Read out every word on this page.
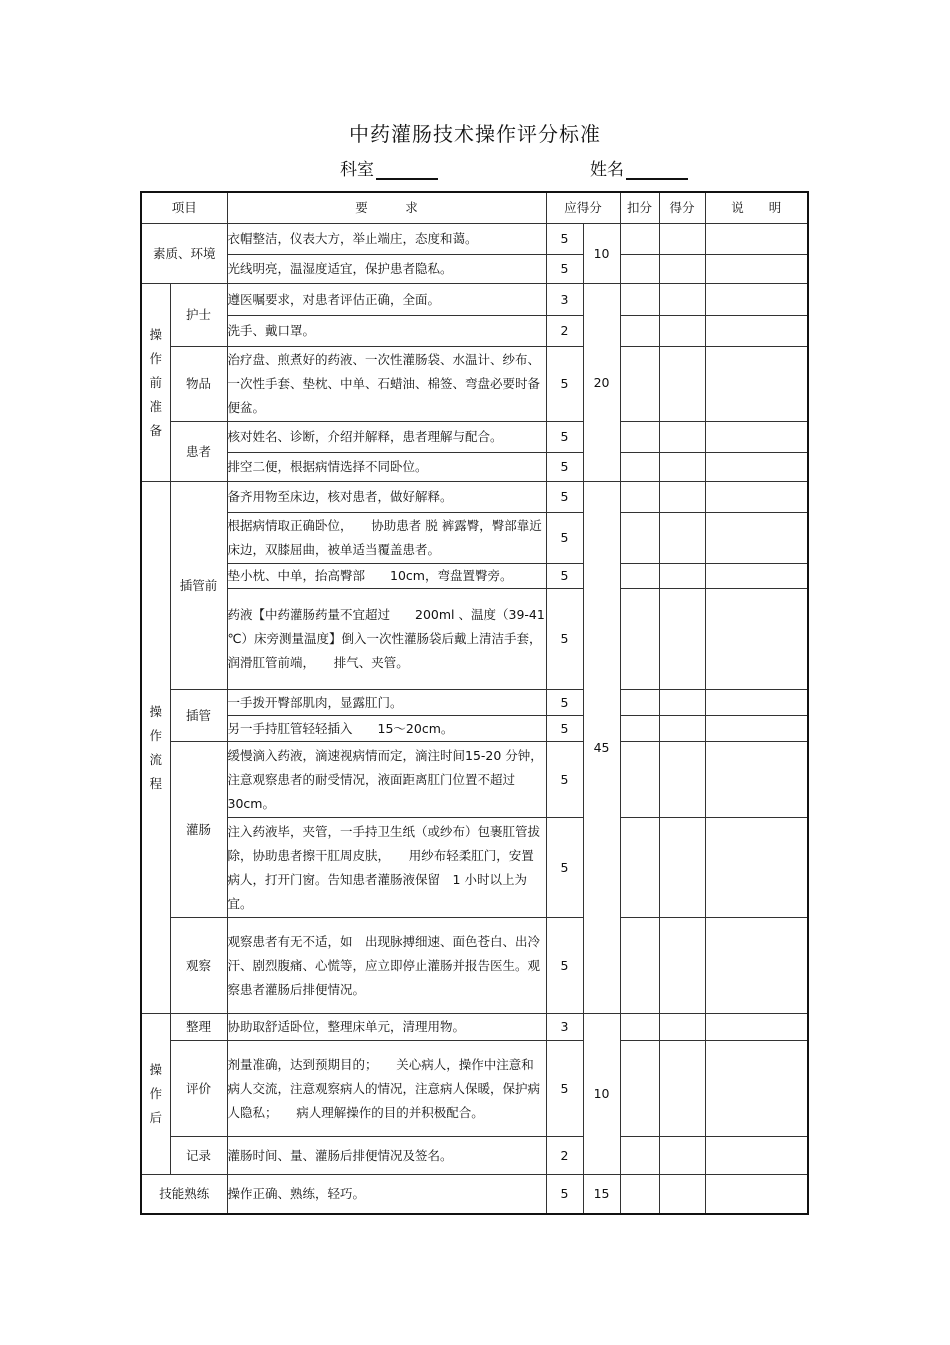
中药灌肠技术操作评分标准
科室	姓名
项目		要　　　求	应得分		扣分	得分	说　　明
素质、环境		衣帽整洁，仪表大方，举止端庄，态度和蔼。	5	10			
		光线明亮，温湿度适宜，保护患者隐私。	5				
操作前准备	护士	遵医嘱要求，对患者评估正确，全面。	3	20			
		洗手、戴口罩。	2				
	物品	治疗盘、煎煮好的药液、一次性灌肠袋、水温计、纱布、一次性手套、垫枕、中单、石蜡油、棉签、弯盘必要时备便盆。	5				
	患者	核对姓名、诊断，介绍并解释，患者理解与配合。	5				
		排空二便，根据病情选择不同卧位。	5				

操作流程	插管前	备齐用物至床边，核对患者，做好解释。	5	45			
		根据病情取正确卧位，　　协助患者 脱 裤露臀，臀部靠近床边，双膝屈曲，被单适当覆盖患者。	5				
		垫小枕、中单，抬高臀部　　10cm，弯盘置臀旁。	5				
		药液【中药灌肠药量不宜超过　　200ml 、温度（39-41 ℃）床旁测量温度】倒入一次性灌肠袋后戴上清洁手套，润滑肛管前端，　　排气、夹管。	5				
	插管	一手拨开臀部肌肉，显露肛门。	5				
		另一手持肛管轻轻插入　　15～20cm。	5				
	灌肠	缓慢滴入药液，滴速视病情而定，滴注时间15-20 分钟，注意观察患者的耐受情况，液面距离肛门位置不超过　　30cm。	5				
		注入药液毕，夹管，一手持卫生纸（或纱布）包裹肛管拔除，协助患者擦干肛周皮肤，　　用纱布轻柔肛门，安置病人，打开门窗。告知患者灌肠液保留　1 小时以上为宜。	5				
	观察	观察患者有无不适，如　出现脉搏细速、面色苍白、出冷汗、剧烈腹痛、心慌等，应立即停止灌肠并报告医生。观察患者灌肠后排便情况。	5				

操作后	整理	协助取舒适卧位，整理床单元，清理用物。	3	10			
	评价	剂量准确，达到预期目的；　　关心病人，操作中注意和病人交流，注意观察病人的情况，注意病人保暖，保护病人隐私；　　病人理解操作的目的并积极配合。	5				
	记录	灌肠时间、量、灌肠后排便情况及签名。	2				
技能熟练		操作正确、熟练，轻巧。	5	15			
